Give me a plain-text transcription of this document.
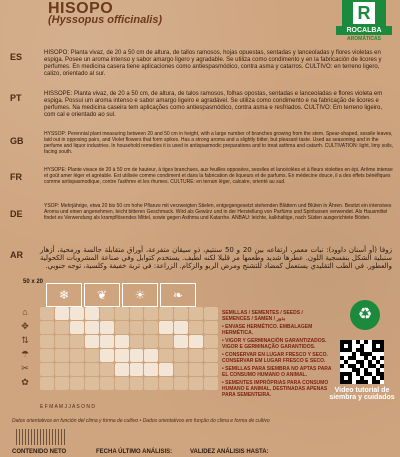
HISOPO
(Hyssopus officinalis)	R
ROCALBA
AROMÁTICAS
ES	HISOPO: Planta vivaz, de 20 a 50 cm de altura, de tallos ramosos, hojas opuestas, sentadas y lanceoladas y flores violetas en espiga. Posee un aroma intenso y sabor amargo ligero y agradable. Se utiliza como condimento y en la fabricación de licores y perfumes. En medicina casera tiene aplicaciones como antiespasmódico, contra asma y catarros. CULTIVO: en terreno ligero, calizo, orientado al sur.
PT	HISSOPE: Planta vivaz, de 20 a 50 cm, de altura, de talos ramosos, folhas opostas, sentadas e lanceoladas e flores violeta em espiga. Possui um aroma intenso e sabor amargo ligeiro e agradável. Se utiliza como condimento e na fabricação de licores e perfumes. Na medicina caseira tem aplicações como antiespasmódico, contra asma e resfriados. CULTIVO: Em terreno ligeiro, com cal e orientado ao sul.
GB
HYSSOP: Perennial plant measuring between 20 and 50 cm in height, with a large number of branches growing from the stem. Spear-shaped, sessile leaves, laid out in opposing pairs, and Violet flowers that form spikes. Has a strong aroma and a slightly bitter, but pleasant taste. Used as seasoning and in the perfume and liquor industries. In household remedies it is used in antispasmodic preparations and to treat asthma and catarrh. CULTIVATION: light, limy soils, facing south.
FR
HYSOPE: Plante vivace de 20 à 50 cm de hauteur, à tiges branchues, aux feuilles opposées, sessiles et lancéolées et à fleurs violettes en épi. Arôme intense et goût amer léger et agréable. Est utilisée comme condiment et dans la fabrication de liqueurs et de parfums. En médecine douce, il a des effets bénéfiques comme antispasmodique, contre l'asthme et les rhumes. CULTURE: en terrain léger, calcaire, orienté au sud.
DE
YSOP: Mehrjährige, etwa 20 bis 50 cm hohe Pflanze mit verzweigten Stielen, entgegengesetzt stehenden Blättern und Blüten in Ähren. Besitzt ein intensives Aroma und einen angenehmen, leicht bitteren Geschmack. Wird als Gewürz und in der Herstellung von Parfüms und Spirituosen verwendet. Als Hausmittel findet es Verwendung als krampflösendes Mittel, sowie gegen Asthma und Katarrhe. ANBAU: leichte, kalkhaltige, nach Süden ausgerichtete Böden.
AR زوفا (أو أسنان داوود): نبات معمر، ارتفاعه بين 20 و 50 سنتيم، ذو سيقان متفرعة، أوراق متقابلة جالسة ورمحية، أزهار سنبلية الشكل بنفسجية اللون. عطرها شديد وطعمها مر قليلا لكنه لطيف. يستخدم كتوابل وفي صناعة المشروبات الكحولية والعطور. في الطب التقليدي يستعمل كمضاد للتشنج ومرض الربو والزكام. الزراعة: في تربة خفيفة وكلسية، توجه جنوبي.
50 x 20
❄	❦	☀	❧
⌂
✥
⇅
☂
✂
✿
E F M A M J J A S O N D
SEMILLAS / SEMENTES / SEEDS / SEMENCES / SAMEN / بذور
• ENVASE HERMÉTICO. EMBALAGEM HERMÉTICA.
• VIGOR Y GERMINACIÓN GARANTIZADOS. VIGOR E GERMINAÇÃO GARANTIDOS.
• CONSERVAR EN LUGAR FRESCO Y SECO. CONSERVAR EM LUGAR FRESCO E SECO.
• SEMILLAS PARA SIEMBRA NO APTAS PARA EL CONSUMO HUMANO O ANIMAL.
• SEMENTES IMPRÓPRIAS PARA CONSUMO HUMANO E ANIMAL, DESTINADAS APENAS PARA SEMENTEIRA.
♻
Video tutorial de siembra y cuidados
Datos orientativos en función del clima y forma de cultivo • Dados orientativos em função do clima e forma de cultivo
CONTENIDO NETO	FECHA ÚLTIMO ANÁLISIS:	VALIDEZ ANÁLISIS HASTA:
